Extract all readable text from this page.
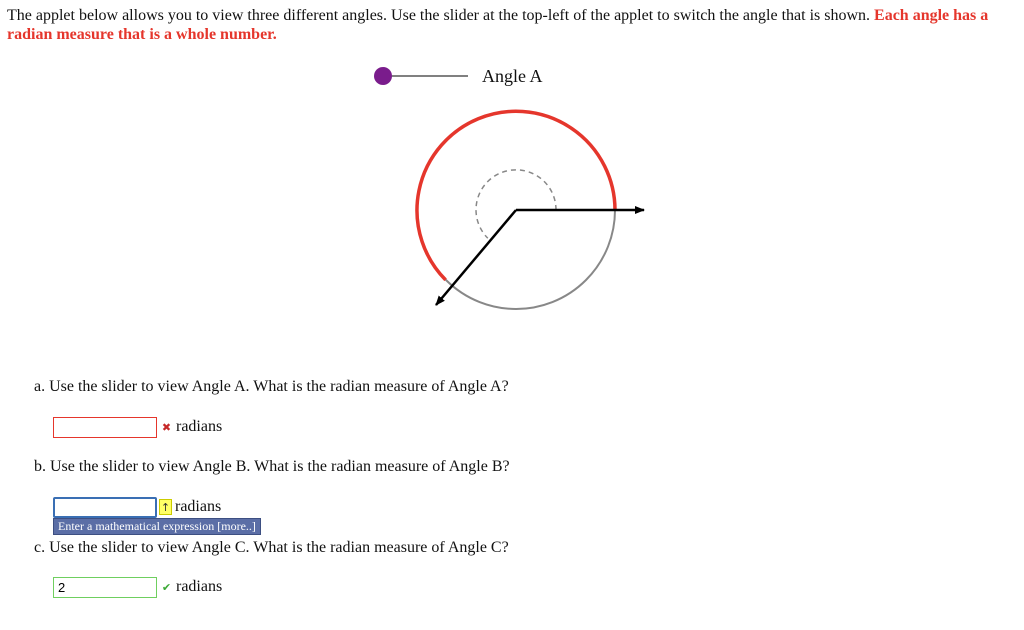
The applet below allows you to view three different angles. Use the slider at the top-left of the applet to switch the angle that is shown. Each angle has a radian measure that is a whole number.
Angle A
a. Use the slider to view Angle A. What is the radian measure of Angle A?
✖ radians
b. Use the slider to view Angle B. What is the radian measure of Angle B?
↑ radians
Enter a mathematical expression [more..]
c. Use the slider to view Angle C. What is the radian measure of Angle C?
2
✔ radians
